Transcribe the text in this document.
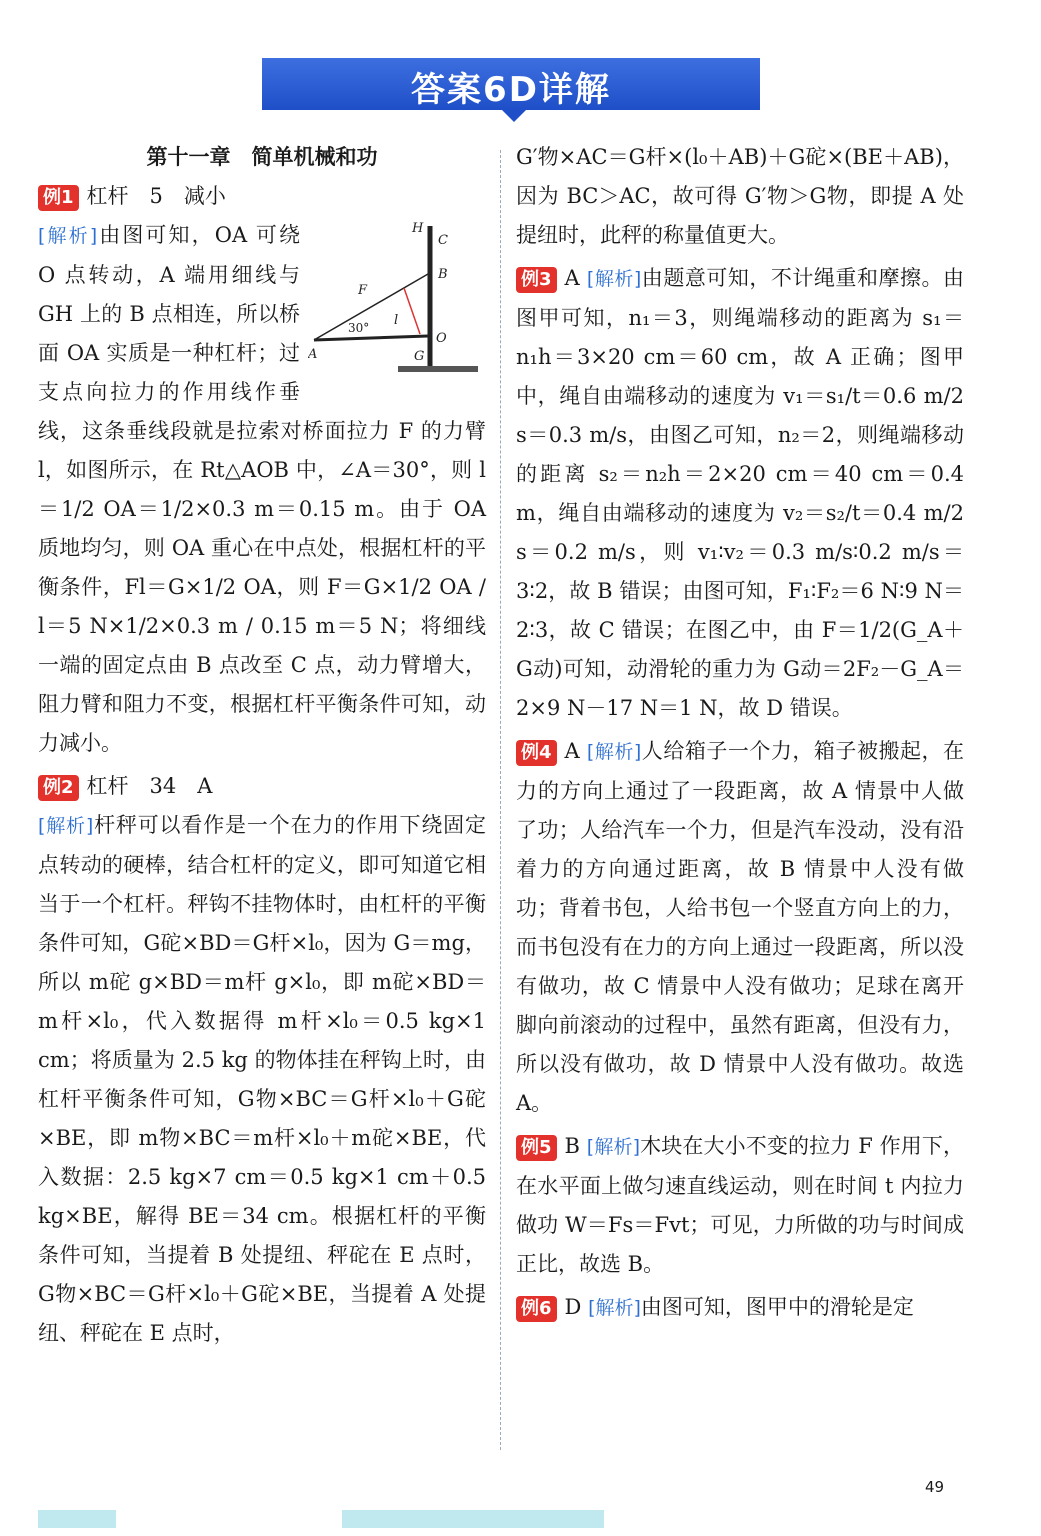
答案6D详解
第十一章　简单机械和功

例1 杠杆　5　减小

H
C
B
F
30° l
O
A	G
[解析]由图可知，OA 可绕 O 点转动，A 端用细线与 GH 上的 B 点相连，所以桥面 OA 实质是一种杠杆；过支点向拉力的作用线作垂线，这条垂线段就是拉索对桥面拉力 F 的力臂 l，如图所示，在 Rt△AOB 中，∠A＝30°，则 l＝1/2 OA＝1/2×0.3 m＝0.15 m。由于 OA 质地均匀，则 OA 重心在中点处，根据杠杆的平衡条件，Fl＝G×1/2 OA，则 F＝G×1/2 OA / l＝5 N×1/2×0.3 m / 0.15 m＝5 N；将细线一端的固定点由 B 点改至 C 点，动力臂增大，阻力臂和阻力不变，根据杠杆平衡条件可知，动力减小。

例2 杠杆　34　A

[解析]杆秤可以看作是一个在力的作用下绕固定点转动的硬棒，结合杠杆的定义，即可知道它相当于一个杠杆。秤钩不挂物体时，由杠杆的平衡条件可知，G砣×BD＝G杆×l₀，因为 G＝mg，所以 m砣 g×BD＝m杆 g×l₀，即 m砣×BD＝m杆×l₀，代入数据得 m杆×l₀＝0.5 kg×1 cm；将质量为 2.5 kg 的物体挂在秤钩上时，由杠杆平衡条件可知，G物×BC＝G杆×l₀＋G砣×BE，即 m物×BC＝m杆×l₀＋m砣×BE，代入数据：2.5 kg×7 cm＝0.5 kg×1 cm＋0.5 kg×BE，解得 BE＝34 cm。根据杠杆的平衡条件可知，当提着 B 处提纽、秤砣在 E 点时，G物×BC＝G杆×l₀＋G砣×BE，当提着 A 处提纽、秤砣在 E 点时，

G′物×AC＝G杆×(l₀＋AB)＋G砣×(BE＋AB)，因为 BC＞AC，故可得 G′物＞G物，即提 A 处提纽时，此秤的称量值更大。

例3 A [解析]由题意可知，不计绳重和摩擦。由图甲可知，n₁＝3，则绳端移动的距离为 s₁＝n₁h＝3×20 cm＝60 cm，故 A 正确；图甲中，绳自由端移动的速度为 v₁＝s₁/t＝0.6 m/2 s＝0.3 m/s，由图乙可知，n₂＝2，则绳端移动的距离 s₂＝n₂h＝2×20 cm＝40 cm＝0.4 m，绳自由端移动的速度为 v₂＝s₂/t＝0.4 m/2 s＝0.2 m/s，则 v₁∶v₂＝0.3 m/s∶0.2 m/s＝3∶2，故 B 错误；由图可知，F₁∶F₂＝6 N∶9 N＝2∶3，故 C 错误；在图乙中，由 F＝1/2(G_A＋G动)可知，动滑轮的重力为 G动＝2F₂－G_A＝2×9 N－17 N＝1 N，故 D 错误。

例4 A [解析]人给箱子一个力，箱子被搬起，在力的方向上通过了一段距离，故 A 情景中人做了功；人给汽车一个力，但是汽车没动，没有沿着力的方向通过距离，故 B 情景中人没有做功；背着书包，人给书包一个竖直方向上的力，而书包没有在力的方向上通过一段距离，所以没有做功，故 C 情景中人没有做功；足球在离开脚向前滚动的过程中，虽然有距离，但没有力，所以没有做功，故 D 情景中人没有做功。故选 A。

例5 B [解析]木块在大小不变的拉力 F 作用下，在水平面上做匀速直线运动，则在时间 t 内拉力做功 W＝Fs＝Fvt；可见，力所做的功与时间成正比，故选 B。

例6 D [解析]由图可知，图甲中的滑轮是定

49
